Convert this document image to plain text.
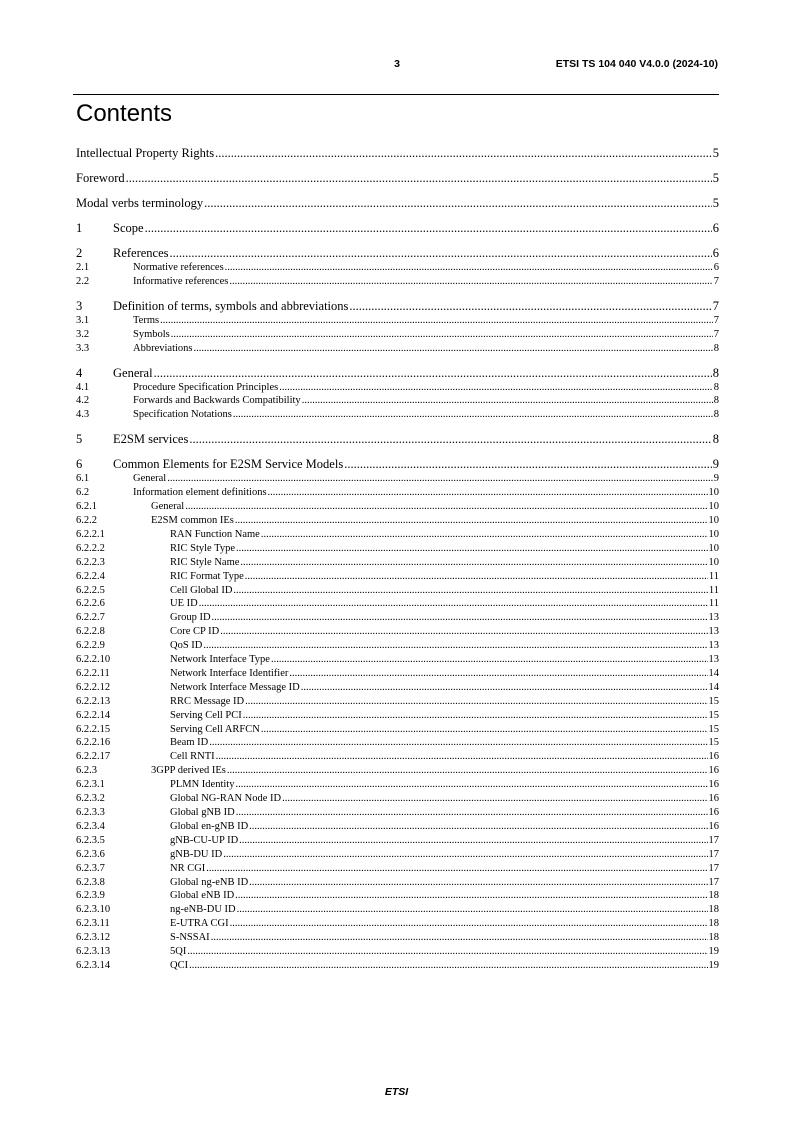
3	ETSI TS 104 040 V4.0.0 (2024-10)
Contents
Intellectual Property Rights .....	5
Foreword .....	5
Modal verbs terminology .....	5
1	Scope .....	6
2	References .....	6
2.1	Normative references .....	6
2.2	Informative references .....	7
3	Definition of terms, symbols and abbreviations .....	7
3.1	Terms .....	7
3.2	Symbols .....	7
3.3	Abbreviations .....	8
4	General .....	8
4.1	Procedure Specification Principles .....	8
4.2	Forwards and Backwards Compatibility .....	8
4.3	Specification Notations .....	8
5	E2SM services .....	8
6	Common Elements for E2SM Service Models .....	9
6.1	General .....	9
6.2	Information element definitions .....	10
6.2.1	General .....	10
6.2.2	E2SM common IEs .....	10
6.2.2.1	RAN Function Name .....	10
6.2.2.2	RIC Style Type .....	10
6.2.2.3	RIC Style Name .....	10
6.2.2.4	RIC Format Type .....	11
6.2.2.5	Cell Global ID .....	11
6.2.2.6	UE ID .....	11
6.2.2.7	Group ID .....	13
6.2.2.8	Core CP ID .....	13
6.2.2.9	QoS ID .....	13
6.2.2.10	Network Interface Type .....	13
6.2.2.11	Network Interface Identifier .....	14
6.2.2.12	Network Interface Message ID .....	14
6.2.2.13	RRC Message ID .....	15
6.2.2.14	Serving Cell PCI .....	15
6.2.2.15	Serving Cell ARFCN .....	15
6.2.2.16	Beam ID .....	15
6.2.2.17	Cell RNTI .....	16
6.2.3	3GPP derived IEs .....	16
6.2.3.1	PLMN Identity .....	16
6.2.3.2	Global NG-RAN Node ID .....	16
6.2.3.3	Global gNB ID .....	16
6.2.3.4	Global en-gNB ID .....	16
6.2.3.5	gNB-CU-UP ID .....	17
6.2.3.6	gNB-DU ID .....	17
6.2.3.7	NR CGI .....	17
6.2.3.8	Global ng-eNB ID .....	17
6.2.3.9	Global eNB ID .....	18
6.2.3.10	ng-eNB-DU ID .....	18
6.2.3.11	E-UTRA CGI .....	18
6.2.3.12	S-NSSAI .....	18
6.2.3.13	5QI .....	19
6.2.3.14	QCI .....	19
ETSI
